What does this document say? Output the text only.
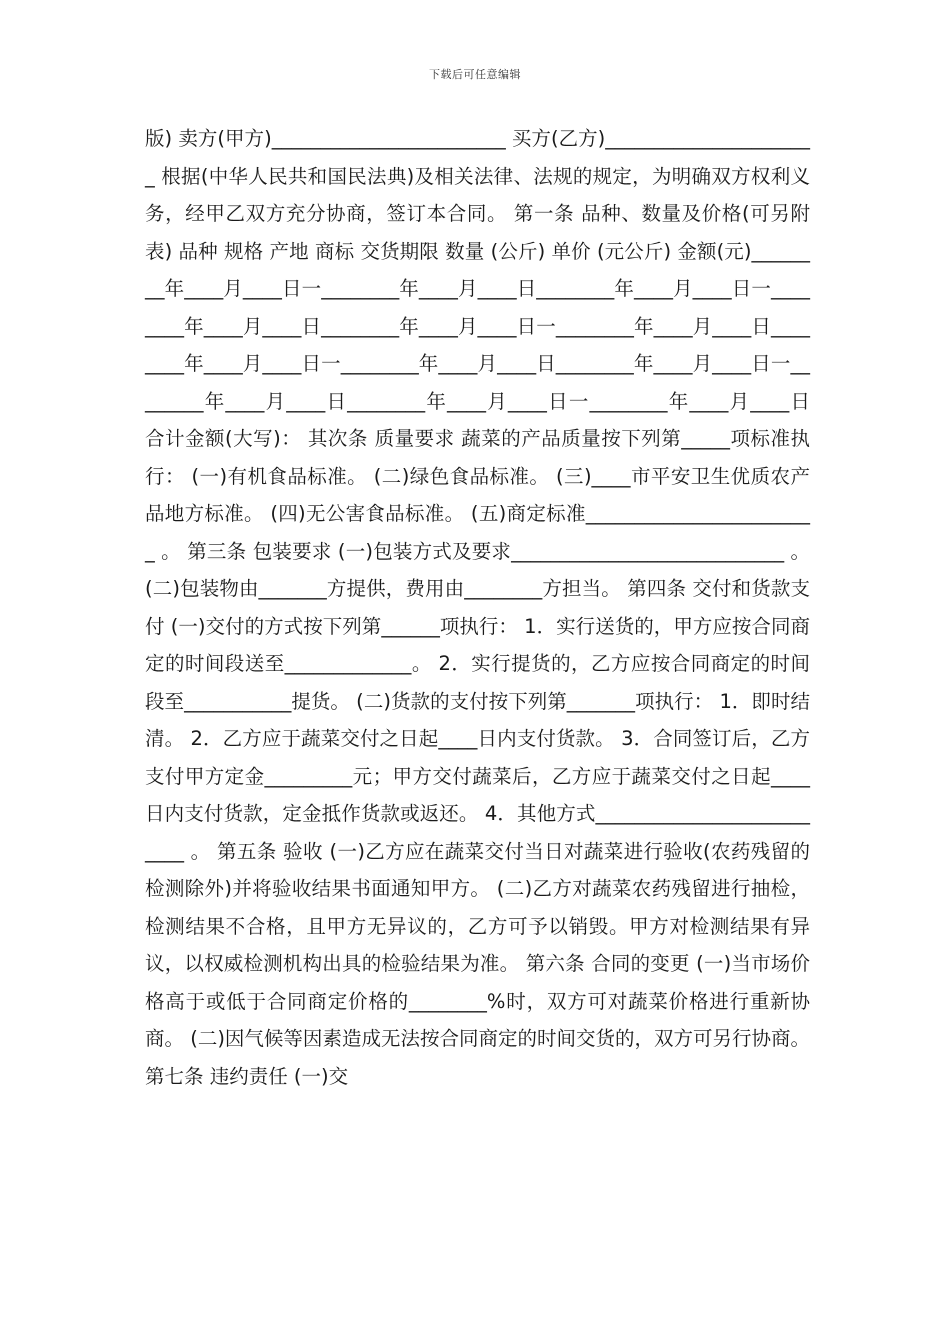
下载后可任意编辑

版) 卖方(甲方)________________________ 买方(乙方)______________________ 根据(中华人民共和国民法典)及相关法律、法规的规定，为明确双方权利义务，经甲乙双方充分协商，签订本合同。 第一条 品种、数量及价格(可另附表) 品种 规格 产地 商标 交货期限 数量 (公斤) 单价 (元公斤) 金额(元)________年____月____日一________年____月____日________年____月____日一________年____月____日________年____月____日一________年____月____日________年____月____日一________年____月____日________年____月____日一________年____月____日________年____月____日一________年____月____日 合计金额(大写)： 其次条 质量要求 蔬菜的产品质量按下列第_____项标准执行： (一)有机食品标准。 (二)绿色食品标准。 (三)____市平安卫生优质农产品地方标准。 (四)无公害食品标准。 (五)商定标准________________________ 。 第三条 包装要求 (一)包装方式及要求____________________________ 。 (二)包装物由_______方提供，费用由________方担当。 第四条 交付和货款支付 (一)交付的方式按下列第______项执行： 1．实行送货的，甲方应按合同商定的时间段送至_____________。 2．实行提货的，乙方应按合同商定的时间段至___________提货。 (二)货款的支付按下列第_______项执行： 1．即时结清。 2．乙方应于蔬菜交付之日起____日内支付货款。 3．合同签订后，乙方支付甲方定金_________元；甲方交付蔬菜后，乙方应于蔬菜交付之日起____日内支付货款，定金抵作货款或返还。 4．其他方式__________________________ 。 第五条 验收 (一)乙方应在蔬菜交付当日对蔬菜进行验收(农药残留的检测除外)并将验收结果书面通知甲方。 (二)乙方对蔬菜农药残留进行抽检，检测结果不合格，且甲方无异议的，乙方可予以销毁。甲方对检测结果有异议，以权威检测机构出具的检验结果为准。 第六条 合同的变更 (一)当市场价格高于或低于合同商定价格的________%时，双方可对蔬菜价格进行重新协商。 (二)因气候等因素造成无法按合同商定的时间交货的，双方可另行协商。 第七条 违约责任 (一)交
